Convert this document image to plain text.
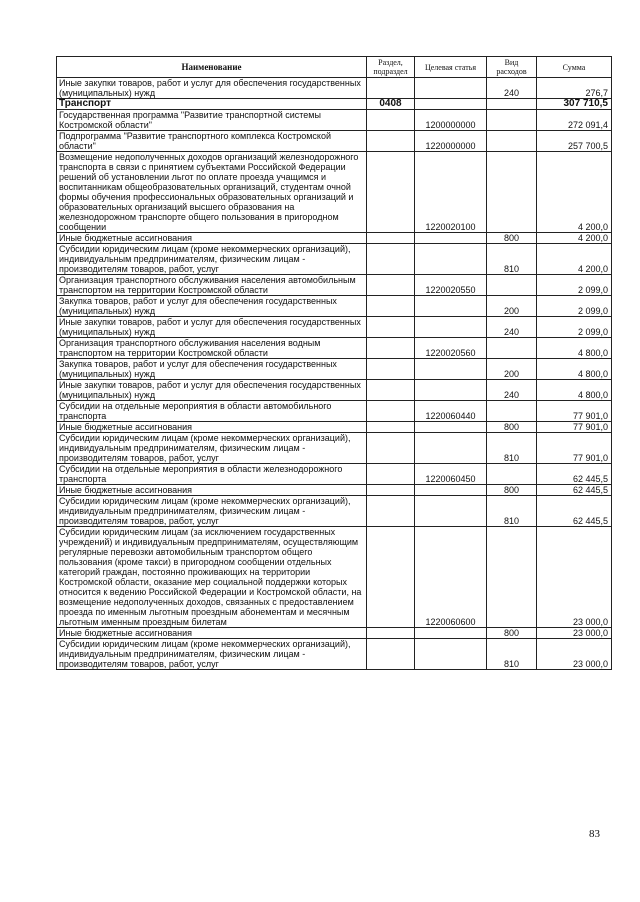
Наименование	Раздел, подраздел	Целевая статья	Вид расходов	Сумма
Иные закупки товаров, работ и услуг для обеспечения государственных (муниципальных) нужд			240	276,7
Транспорт	0408			307 710,5
Государственная программа "Развитие транспортной системы Костромской области"		1200000000		272 091,4
Подпрограмма "Развитие транспортного комплекса Костромской области"		1220000000		257 700,5
Возмещение недополученных доходов организаций железнодорожного транспорта в связи с принятием субъектами Российской Федерации решений об установлении льгот по оплате проезда учащимся и воспитанникам общеобразовательных организаций, студентам очной формы обучения профессиональных образовательных организаций и образовательных организаций высшего образования на железнодорожном транспорте общего пользования в пригородном сообщении		1220020100		4 200,0
Иные бюджетные ассигнования			800	4 200,0
Субсидии юридическим лицам (кроме некоммерческих организаций), индивидуальным предпринимателям, физическим лицам - производителям товаров, работ, услуг			810	4 200,0
Организация транспортного обслуживания населения автомобильным транспортом на территории Костромской области		1220020550		2 099,0
Закупка товаров, работ и услуг для обеспечения государственных (муниципальных) нужд			200	2 099,0
Иные закупки товаров, работ и услуг для обеспечения государственных (муниципальных) нужд			240	2 099,0
Организация транспортного обслуживания населения водным транспортом на территории Костромской области		1220020560		4 800,0
Закупка товаров, работ и услуг для обеспечения государственных (муниципальных) нужд			200	4 800,0
Иные закупки товаров, работ и услуг для обеспечения государственных (муниципальных) нужд			240	4 800,0
Субсидии на отдельные мероприятия в области автомобильного транспорта		1220060440		77 901,0
Иные бюджетные ассигнования			800	77 901,0
Субсидии юридическим лицам (кроме некоммерческих организаций), индивидуальным предпринимателям, физическим лицам - производителям товаров, работ, услуг			810	77 901,0
Субсидии на отдельные мероприятия в области железнодорожного транспорта		1220060450		62 445,5
Иные бюджетные ассигнования			800	62 445,5
Субсидии юридическим лицам (кроме некоммерческих организаций), индивидуальным предпринимателям, физическим лицам - производителям товаров, работ, услуг			810	62 445,5
Субсидии юридическим лицам (за исключением государственных учреждений) и индивидуальным предпринимателям, осуществляющим регулярные перевозки автомобильным транспортом общего пользования (кроме такси) в пригородном сообщении отдельных категорий граждан, постоянно проживающих на территории Костромской области, оказание мер социальной поддержки которых относится к ведению Российской Федерации и Костромской области, на возмещение недополученных доходов, связанных с предоставлением проезда по именным льготным проездным абонементам и месячным льготным именным проездным билетам		1220060600		23 000,0
Иные бюджетные ассигнования			800	23 000,0
Субсидии юридическим лицам (кроме некоммерческих организаций), индивидуальным предпринимателям, физическим лицам - производителям товаров, работ, услуг			810	23 000,0
83
